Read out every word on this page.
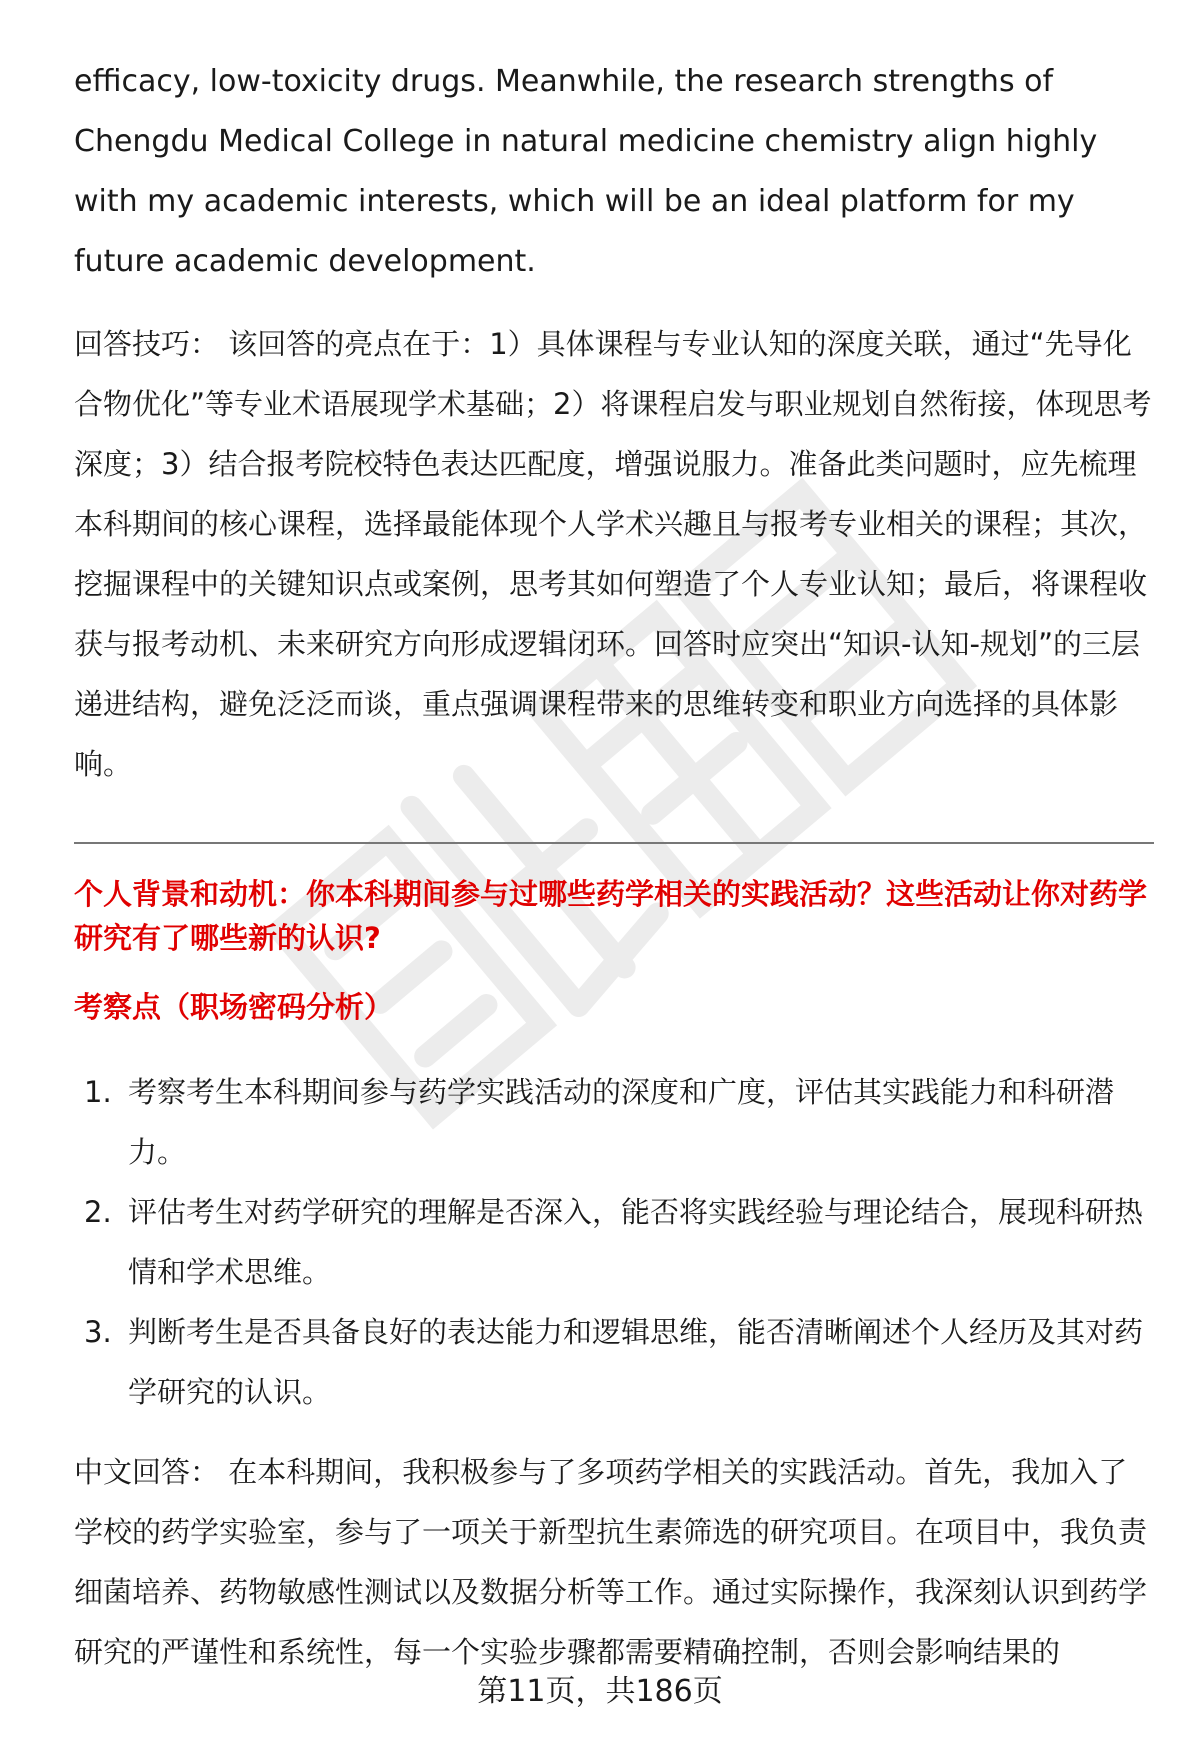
efficacy, low-toxicity drugs. Meanwhile, the research strengths of Chengdu Medical College in natural medicine chemistry align highly with my academic interests, which will be an ideal platform for my future academic development.

回答技巧： 该回答的亮点在于：1）具体课程与专业认知的深度关联，通过“先导化合物优化”等专业术语展现学术基础；2）将课程启发与职业规划自然衔接，体现思考深度；3）结合报考院校特色表达匹配度，增强说服力。准备此类问题时，应先梳理本科期间的核心课程，选择最能体现个人学术兴趣且与报考专业相关的课程；其次，挖掘课程中的关键知识点或案例，思考其如何塑造了个人专业认知；最后，将课程收获与报考动机、未来研究方向形成逻辑闭环。回答时应突出“知识-认知-规划”的三层递进结构，避免泛泛而谈，重点强调课程带来的思维转变和职业方向选择的具体影响。

个人背景和动机：你本科期间参与过哪些药学相关的实践活动？这些活动让你对药学研究有了哪些新的认识?

考察点（职场密码分析）

1. 考察考生本科期间参与药学实践活动的深度和广度，评估其实践能力和科研潜力。
2. 评估考生对药学研究的理解是否深入，能否将实践经验与理论结合，展现科研热情和学术思维。
3. 判断考生是否具备良好的表达能力和逻辑思维，能否清晰阐述个人经历及其对药学研究的认识。

中文回答： 在本科期间，我积极参与了多项药学相关的实践活动。首先，我加入了学校的药学实验室，参与了一项关于新型抗生素筛选的研究项目。在项目中，我负责细菌培养、药物敏感性测试以及数据分析等工作。通过实际操作，我深刻认识到药学研究的严谨性和系统性，每一个实验步骤都需要精确控制，否则会影响结果的

第11页，共186页
